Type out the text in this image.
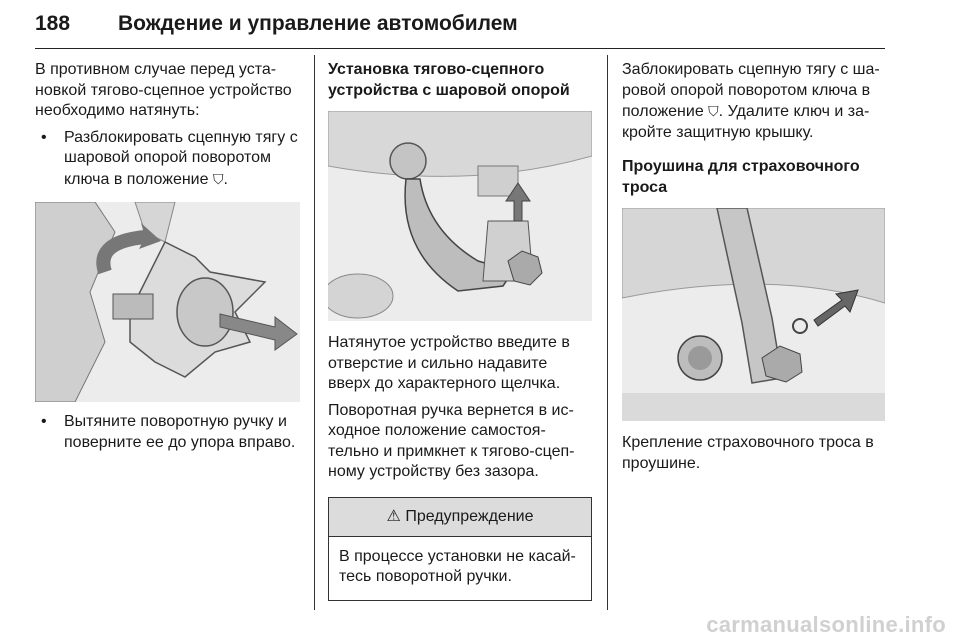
188 Вождение и управление автомобилем

В противном случае перед уста-новкой тягово-сцепное устройство необходимо натянуть:

• Разблокировать сцепную тягу с шаровой опорой поворотом ключа в положение ⛉.
• Вытяните поворотную ручку и поверните ее до упора вправо.
Установка тягово-сцепного устройства с шаровой опорой

Натянутое устройство введите в отверстие и сильно надавите вверх до характерного щелчка.

Поворотная ручка вернется в ис-ходное положение самостоя-тельно и примкнет к тягово-сцеп-ному устройству без зазора.

⚠ Предупреждение
В процессе установки не касай-тесь поворотной ручки.

Заблокировать сцепную тягу с ша-ровой опорой поворотом ключа в положение ⛉. Удалите ключ и за-кройте защитную крышку.

Проушина для страховочного троса

Крепление страховочного троса в проушине.

carmanualsonline.info
